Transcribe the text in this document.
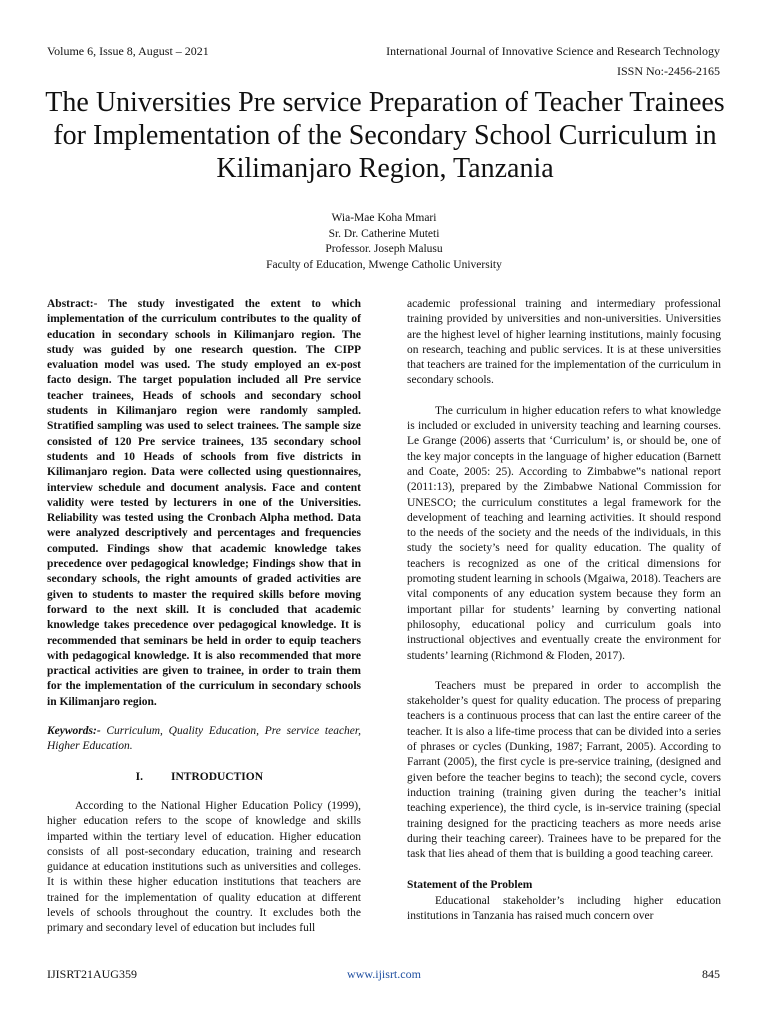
Volume 6, Issue 8, August – 2021	International Journal of Innovative Science and Research Technology
ISSN No:-2456-2165
The Universities Pre service Preparation of Teacher Trainees for Implementation of the Secondary School Curriculum in Kilimanjaro Region, Tanzania
Wia-Mae Koha Mmari
Sr. Dr. Catherine Muteti
Professor. Joseph Malusu
Faculty of Education, Mwenge Catholic University

Abstract:- The study investigated the extent to which implementation of the curriculum contributes to the quality of education in secondary schools in Kilimanjaro region. The study was guided by one research question. The CIPP evaluation model was used. The study employed an ex-post facto design. The target population included all Pre service teacher trainees, Heads of schools and secondary school students in Kilimanjaro region were randomly sampled. Stratified sampling was used to select trainees. The sample size consisted of 120 Pre service trainees, 135 secondary school students and 10 Heads of schools from five districts in Kilimanjaro region. Data were collected using questionnaires, interview schedule and document analysis. Face and content validity were tested by lecturers in one of the Universities. Reliability was tested using the Cronbach Alpha method. Data were analyzed descriptively and percentages and frequencies computed. Findings show that academic knowledge takes precedence over pedagogical knowledge; Findings show that in secondary schools, the right amounts of graded activities are given to students to master the required skills before moving forward to the next skill. It is concluded that academic knowledge takes precedence over pedagogical knowledge. It is recommended that seminars be held in order to equip teachers with pedagogical knowledge. It is also recommended that more practical activities are given to trainee, in order to train them for the implementation of the curriculum in secondary schools in Kilimanjaro region.

Keywords:- Curriculum, Quality Education, Pre service teacher, Higher Education.

I. INTRODUCTION

According to the National Higher Education Policy (1999), higher education refers to the scope of knowledge and skills imparted within the tertiary level of education. Higher education consists of all post-secondary education, training and research guidance at education institutions such as universities and colleges. It is within these higher education institutions that teachers are trained for the implementation of quality education at different levels of schools throughout the country. It excludes both the primary and secondary level of education but includes full

academic professional training and intermediary professional training provided by universities and non-universities. Universities are the highest level of higher learning institutions, mainly focusing on research, teaching and public services. It is at these universities that teachers are trained for the implementation of the curriculum in secondary schools.

The curriculum in higher education refers to what knowledge is included or excluded in university teaching and learning courses. Le Grange (2006) asserts that ‘Curriculum’ is, or should be, one of the key major concepts in the language of higher education (Barnett and Coate, 2005: 25). According to Zimbabwe‟s national report (2011:13), prepared by the Zimbabwe National Commission for UNESCO; the curriculum constitutes a legal framework for the development of teaching and learning activities. It should respond to the needs of the society and the needs of the individuals, in this study the society’s need for quality education. The quality of teachers is recognized as one of the critical dimensions for promoting student learning in schools (Mgaiwa, 2018). Teachers are vital components of any education system because they form an important pillar for students’ learning by converting national philosophy, educational policy and curriculum goals into instructional objectives and eventually create the environment for students’ learning (Richmond & Floden, 2017).

Teachers must be prepared in order to accomplish the stakeholder’s quest for quality education. The process of preparing teachers is a continuous process that can last the entire career of the teacher. It is also a life-time process that can be divided into a series of phrases or cycles (Dunking, 1987; Farrant, 2005). According to Farrant (2005), the first cycle is pre-service training, (designed and given before the teacher begins to teach); the second cycle, covers induction training (training given during the teacher’s initial teaching experience), the third cycle, is in-service training (special training designed for the practicing teachers as more needs arise during their teaching career). Trainees have to be prepared for the task that lies ahead of them that is building a good teaching career.

Statement of the Problem

Educational stakeholder’s including higher education institutions in Tanzania has raised much concern over

IJISRT21AUG359	www.ijisrt.com	845
